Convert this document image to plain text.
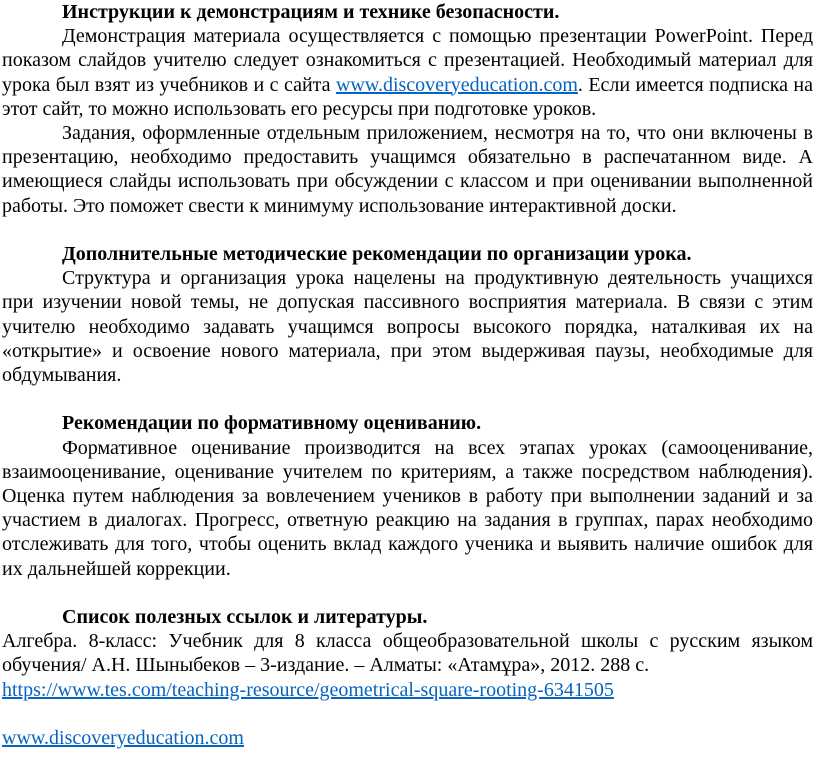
Инструкции к демонстрациям и технике безопасности.

Демонстрация материала осуществляется с помощью презентации PowerPoint. Перед показом слайдов учителю следует ознакомиться с презентацией. Необходимый материал для урока был взят из учебников и с сайта www.discoveryeducation.com. Если имеется подписка на этот сайт, то можно использовать его ресурсы при подготовке уроков.

Задания, оформленные отдельным приложением, несмотря на то, что они включены в презентацию, необходимо предоставить учащимся обязательно в распечатанном виде. А имеющиеся слайды использовать при обсуждении с классом и при оценивании выполненной работы. Это поможет свести к минимуму использование интерактивной доски.

Дополнительные методические рекомендации по организации урока.

Структура и организация урока нацелены на продуктивную деятельность учащихся при изучении новой темы, не допуская пассивного восприятия материала. В связи с этим учителю необходимо задавать учащимся вопросы высокого порядка, наталкивая их на «открытие» и освоение нового материала, при этом выдерживая паузы, необходимые для обдумывания.

Рекомендации по формативному оцениванию.

Формативное оценивание производится на всех этапах уроках (самооценивание, взаимооценивание, оценивание учителем по критериям, а также посредством наблюдения). Оценка путем наблюдения за вовлечением учеников в работу при выполнении заданий и за участием в диалогах. Прогресс, ответную реакцию на задания в группах, парах необходимо отслеживать для того, чтобы оценить вклад каждого ученика и выявить наличие ошибок для их дальнейшей коррекции.

Список полезных ссылок и литературы.

Алгебра. 8-класс: Учебник для 8 класса общеобразовательной школы с русским языком обучения/ А.Н. Шыныбеков – 3-издание. – Алматы: «Атамұра», 2012. 288 с.

https://www.tes.com/teaching-resource/geometrical-square-rooting-6341505

www.discoveryeducation.com
